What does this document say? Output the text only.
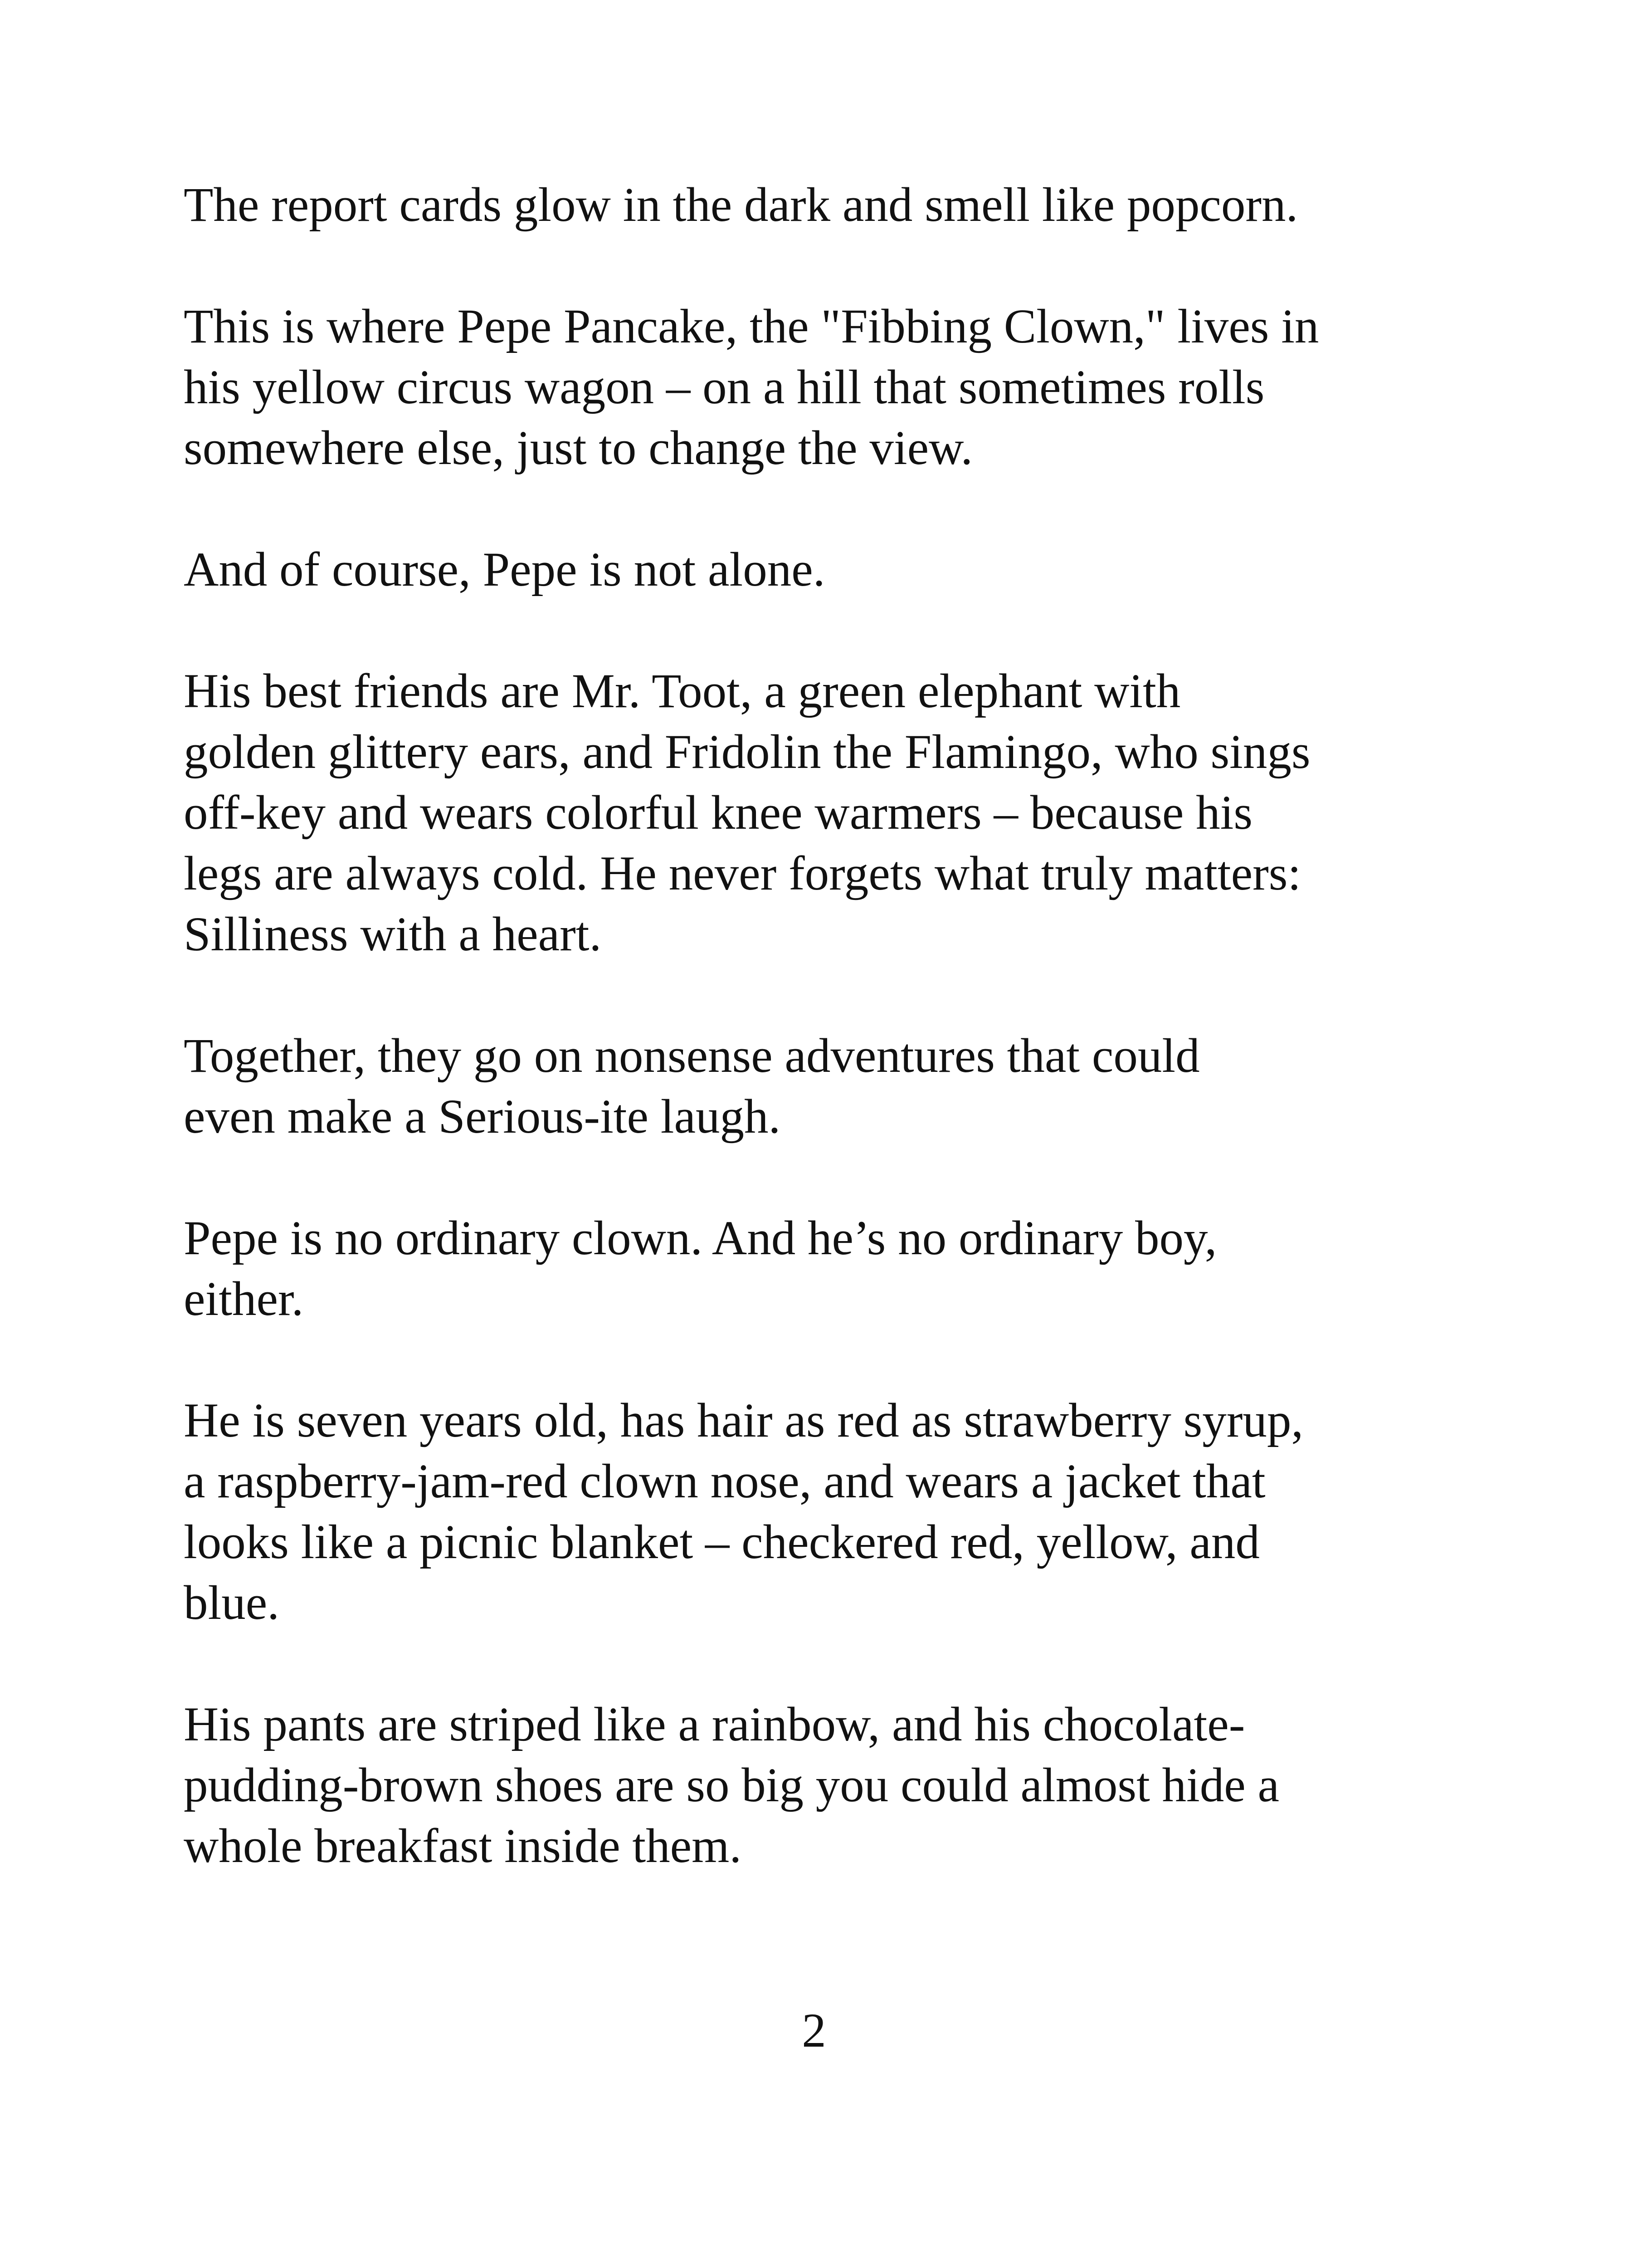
The report cards glow in the dark and smell like popcorn.

This is where Pepe Pancake, the "Fibbing Clown," lives in
his yellow circus wagon – on a hill that sometimes rolls
somewhere else, just to change the view.

And of course, Pepe is not alone.

His best friends are Mr. Toot, a green elephant with
golden glittery ears, and Fridolin the Flamingo, who sings
off-key and wears colorful knee warmers – because his
legs are always cold. He never forgets what truly matters:
Silliness with a heart.

Together, they go on nonsense adventures that could
even make a Serious-ite laugh.

Pepe is no ordinary clown. And he’s no ordinary boy,
either.

He is seven years old, has hair as red as strawberry syrup,
a raspberry-jam-red clown nose, and wears a jacket that
looks like a picnic blanket – checkered red, yellow, and
blue.

His pants are striped like a rainbow, and his chocolate-
pudding-brown shoes are so big you could almost hide a
whole breakfast inside them.

2
